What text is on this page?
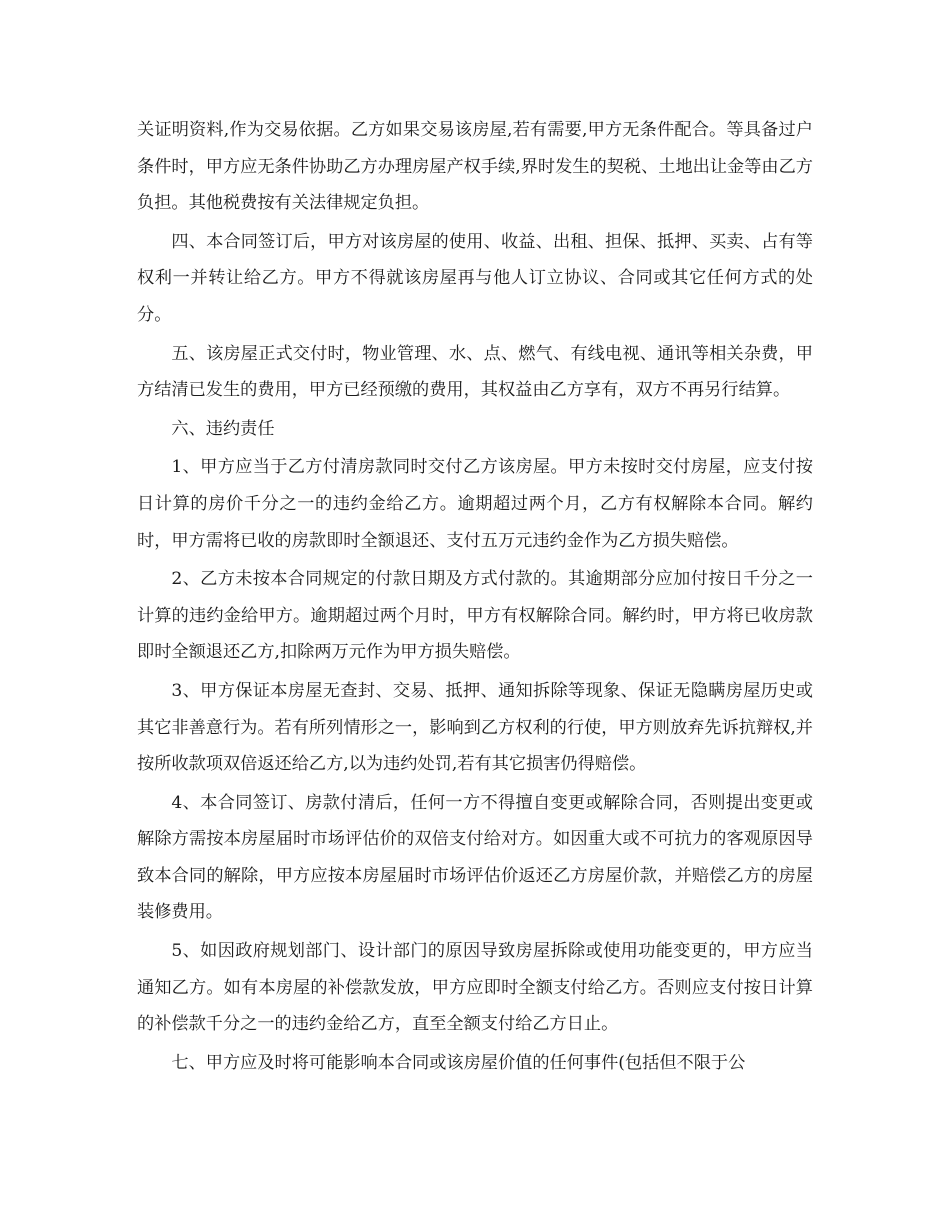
关证明资料,作为交易依据。乙方如果交易该房屋,若有需要,甲方无条件配合。等具备过户条件时，甲方应无条件协助乙方办理房屋产权手续,界时发生的契税、土地出让金等由乙方负担。其他税费按有关法律规定负担。

四、本合同签订后，甲方对该房屋的使用、收益、出租、担保、抵押、买卖、占有等权利一并转让给乙方。甲方不得就该房屋再与他人订立协议、合同或其它任何方式的处分。

五、该房屋正式交付时，物业管理、水、点、燃气、有线电视、通讯等相关杂费，甲方结清已发生的费用，甲方已经预缴的费用，其权益由乙方享有，双方不再另行结算。

六、违约责任

1、甲方应当于乙方付清房款同时交付乙方该房屋。甲方未按时交付房屋，应支付按日计算的房价千分之一的违约金给乙方。逾期超过两个月，乙方有权解除本合同。解约时，甲方需将已收的房款即时全额退还、支付五万元违约金作为乙方损失赔偿。

2、乙方未按本合同规定的付款日期及方式付款的。其逾期部分应加付按日千分之一计算的违约金给甲方。逾期超过两个月时，甲方有权解除合同。解约时，甲方将已收房款即时全额退还乙方,扣除两万元作为甲方损失赔偿。

3、甲方保证本房屋无查封、交易、抵押、通知拆除等现象、保证无隐瞒房屋历史或其它非善意行为。若有所列情形之一，影响到乙方权利的行使，甲方则放弃先诉抗辩权,并按所收款项双倍返还给乙方,以为违约处罚,若有其它损害仍得赔偿。

4、本合同签订、房款付清后，任何一方不得擅自变更或解除合同，否则提出变更或解除方需按本房屋届时市场评估价的双倍支付给对方。如因重大或不可抗力的客观原因导致本合同的解除，甲方应按本房屋届时市场评估价返还乙方房屋价款，并赔偿乙方的房屋装修费用。

5、如因政府规划部门、设计部门的原因导致房屋拆除或使用功能变更的，甲方应当通知乙方。如有本房屋的补偿款发放，甲方应即时全额支付给乙方。否则应支付按日计算的补偿款千分之一的违约金给乙方，直至全额支付给乙方日止。

七、甲方应及时将可能影响本合同或该房屋价值的任何事件(包括但不限于公
